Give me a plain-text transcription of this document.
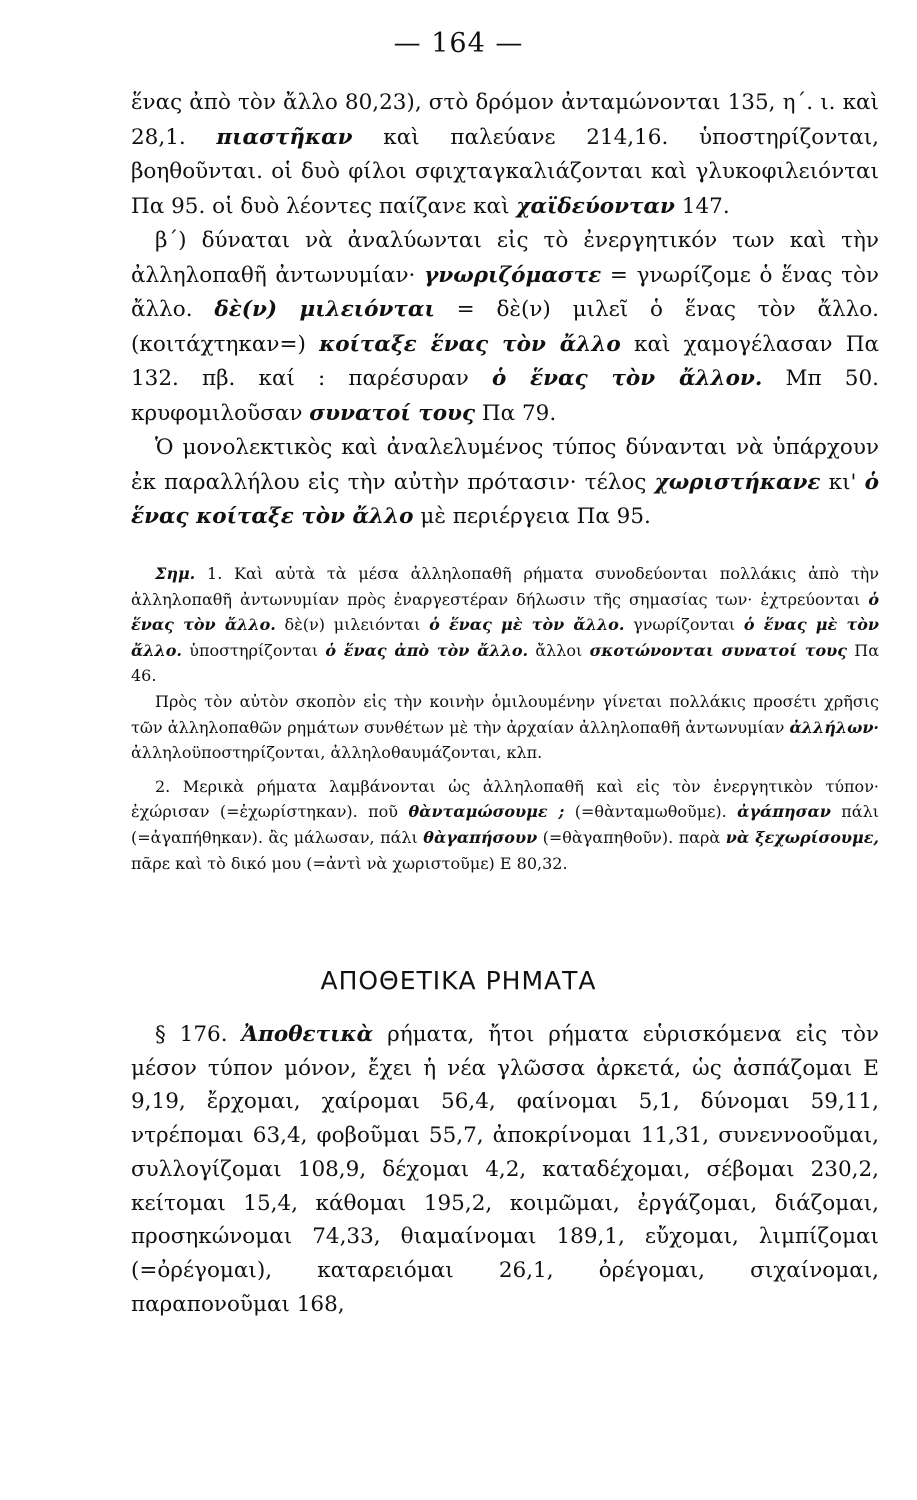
— 164 —

ἕνας ἀπὸ τὸν ἄλλο 80,23), στὸ δρόμον ἀνταμώνονται 135, η΄. ι. καὶ 28,1. πιαστῆκαν καὶ παλεύανε 214,16. ὑποστηρίζονται, βοηθοῦνται. οἱ δυὸ φίλοι σφιχταγκαλιάζονται καὶ γλυκοφιλειόνται Πα 95. οἱ δυὸ λέοντες παίζανε καὶ χαϊδεύονταν 147.

β΄) δύναται νὰ ἀναλύωνται εἰς τὸ ἐνεργητικόν των καὶ τὴν ἀλληλοπαθῆ ἀντωνυμίαν· γνωριζόμαστε = γνωρίζομε ὁ ἕνας τὸν ἄλλο. δὲ(ν) μιλειόνται = δὲ(ν) μιλεῖ ὁ ἕνας τὸν ἄλλο. (κοιτάχτηκαν=) κοίταξε ἕνας τὸν ἄλλο καὶ χαμογέλασαν Πα 132. πβ. καί : παρέσυραν ὁ ἕνας τὸν ἄλλον. Μπ 50. κρυφομιλοῦσαν συνατοί τους Πα 79.

Ὁ μονολεκτικὸς καὶ ἀναλελυμένος τύπος δύνανται νὰ ὑπάρχουν ἐκ παραλλήλου εἰς τὴν αὐτὴν πρότασιν· τέλος χωριστήκανε κι' ὁ ἕνας κοίταξε τὸν ἄλλο μὲ περιέργεια Πα 95.

Σημ. 1. Καὶ αὐτὰ τὰ μέσα ἀλληλοπαθῆ ρήματα συνοδεύονται πολλάκις ἀπὸ τὴν ἀλληλοπαθῆ ἀντωνυμίαν πρὸς ἐναργεστέραν δήλωσιν τῆς σημασίας των· ἐχτρεύονται ὁ ἕνας τὸν ἄλλο. δὲ(ν) μιλειόνται ὁ ἕνας μὲ τὸν ἄλλο. γνωρίζονται ὁ ἕνας μὲ τὸν ἄλλο. ὑποστηρίζονται ὁ ἕνας ἀπὸ τὸν ἄλλο. ἄλλοι σκοτώνονται συνατοί τους Πα 46.

Πρὸς τὸν αὐτὸν σκοπὸν εἰς τὴν κοινὴν ὁμιλουμένην γίνεται πολλάκις προσέτι χρῆσις τῶν ἀλληλοπαθῶν ρημάτων συνθέτων μὲ τὴν ἀρχαίαν ἀλληλοπαθῆ ἀντωνυμίαν ἀλλήλων· ἀλληλοϋποστηρίζονται, ἀλληλοθαυμάζονται, κλπ.

2. Μερικὰ ρήματα λαμβάνονται ὡς ἀλληλοπαθῆ καὶ εἰς τὸν ἐνεργητικὸν τύπον· ἐχώρισαν (=ἐχωρίστηκαν). ποῦ θὰνταμώσουμε ; (=θὰνταμωθοῦμε). ἀγάπησαν πάλι (=ἀγαπήθηκαν). ἂς μάλωσαν, πάλι θὰγαπήσουν (=θὰγαπηθοῦν). παρὰ νὰ ξεχωρίσουμε, πᾶρε καὶ τὸ δικό μου (=ἀντὶ νὰ χωριστοῦμε) Ε 80,32.

ΑΠΟΘΕΤΙΚΑ ΡΗΜΑΤΑ

§ 176. Ἀποθετικὰ ρήματα, ἤτοι ρήματα εὑρισκόμενα εἰς τὸν μέσον τύπον μόνον, ἔχει ἡ νέα γλῶσσα ἀρκετά, ὡς ἀσπάζομαι Ε 9,19, ἔρχομαι, χαίρομαι 56,4, φαίνομαι 5,1, δύνομαι 59,11, ντρέπομαι 63,4, φοβοῦμαι 55,7, ἀποκρίνομαι 11,31, συνεννοοῦμαι, συλλογίζομαι 108,9, δέχομαι 4,2, καταδέχομαι, σέβομαι 230,2, κείτομαι 15,4, κάθομαι 195,2, κοιμῶμαι, ἐργάζομαι, διάζομαι, προσηκώνομαι 74,33, θιαμαίνομαι 189,1, εὔχομαι, λιμπίζομαι (=ὀρέγομαι), καταρειόμαι 26,1, ὀρέγομαι, σιχαίνομαι, παραπονοῦμαι 168,
